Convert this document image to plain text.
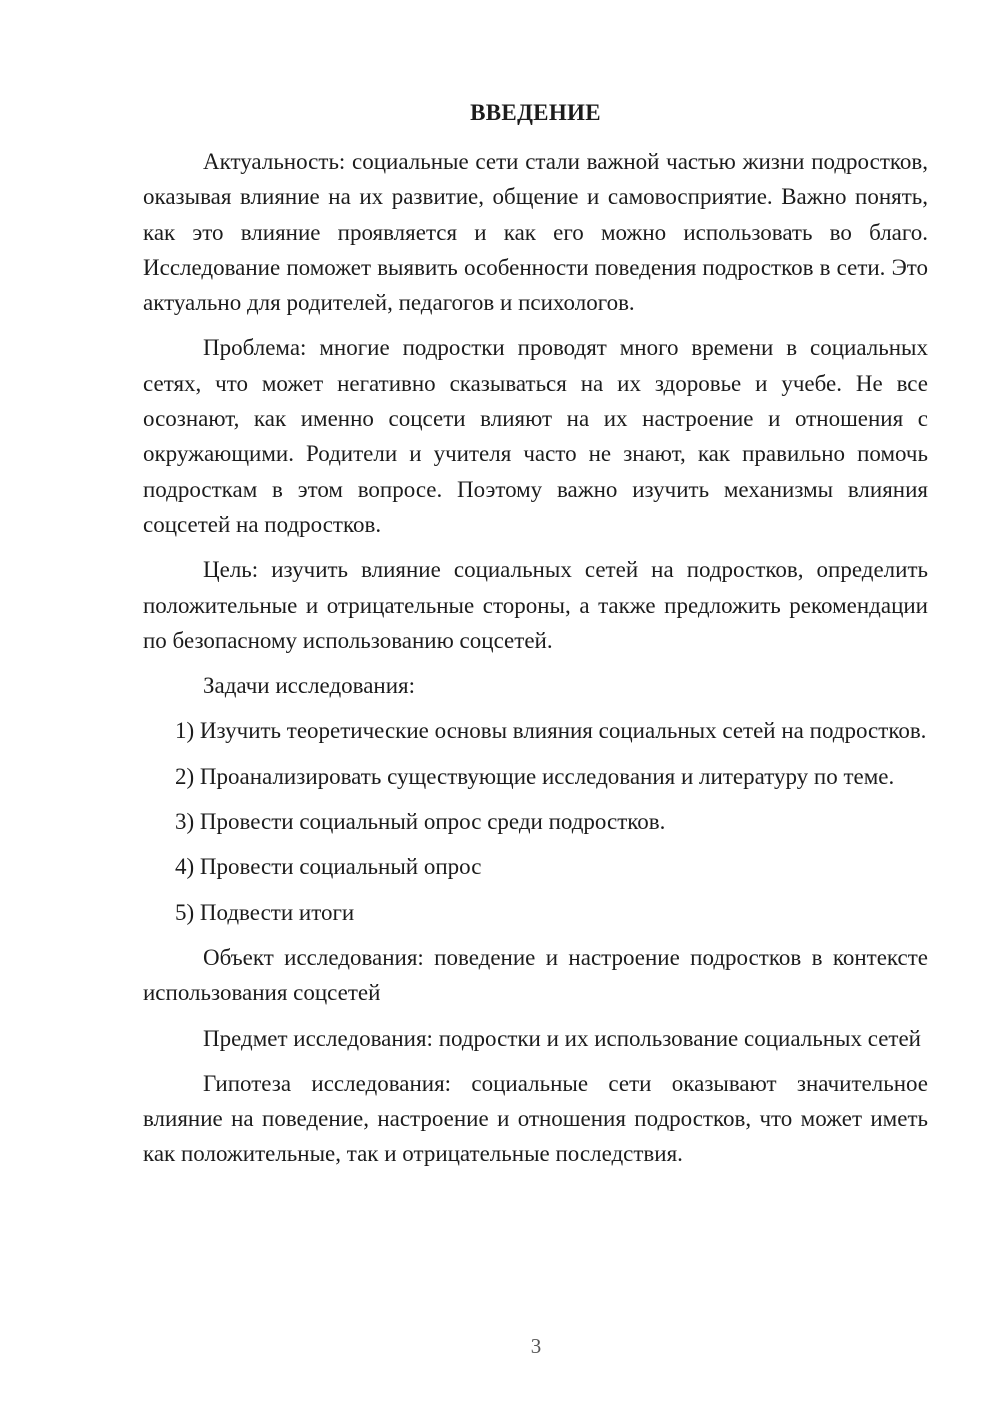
ВВЕДЕНИЕ

Актуальность: социальные сети стали важной частью жизни подростков, оказывая влияние на их развитие, общение и самовосприятие. Важно понять, как это влияние проявляется и как его можно использовать во благо. Исследование поможет выявить особенности поведения подростков в сети. Это актуально для родителей, педагогов и психологов.

Проблема: многие подростки проводят много времени в социальных сетях, что может негативно сказываться на их здоровье и учебе. Не все осознают, как именно соцсети влияют на их настроение и отношения с окружающими. Родители и учителя часто не знают, как правильно помочь подросткам в этом вопросе. Поэтому важно изучить механизмы влияния соцсетей на подростков.

Цель: изучить влияние социальных сетей на подростков, определить положительные и отрицательные стороны, а также предложить рекомендации по безопасному использованию соцсетей.

Задачи исследования:

1) Изучить теоретические основы влияния социальных сетей на подростков.

2) Проанализировать существующие исследования и литературу по теме.

3) Провести социальный опрос среди подростков.

4) Провести социальный опрос

5) Подвести итоги

Объект исследования: поведение и настроение подростков в контексте использования соцсетей

Предмет исследования: подростки и их использование социальных сетей

Гипотеза исследования: социальные сети оказывают значительное влияние на поведение, настроение и отношения подростков, что может иметь как положительные, так и отрицательные последствия.

3
